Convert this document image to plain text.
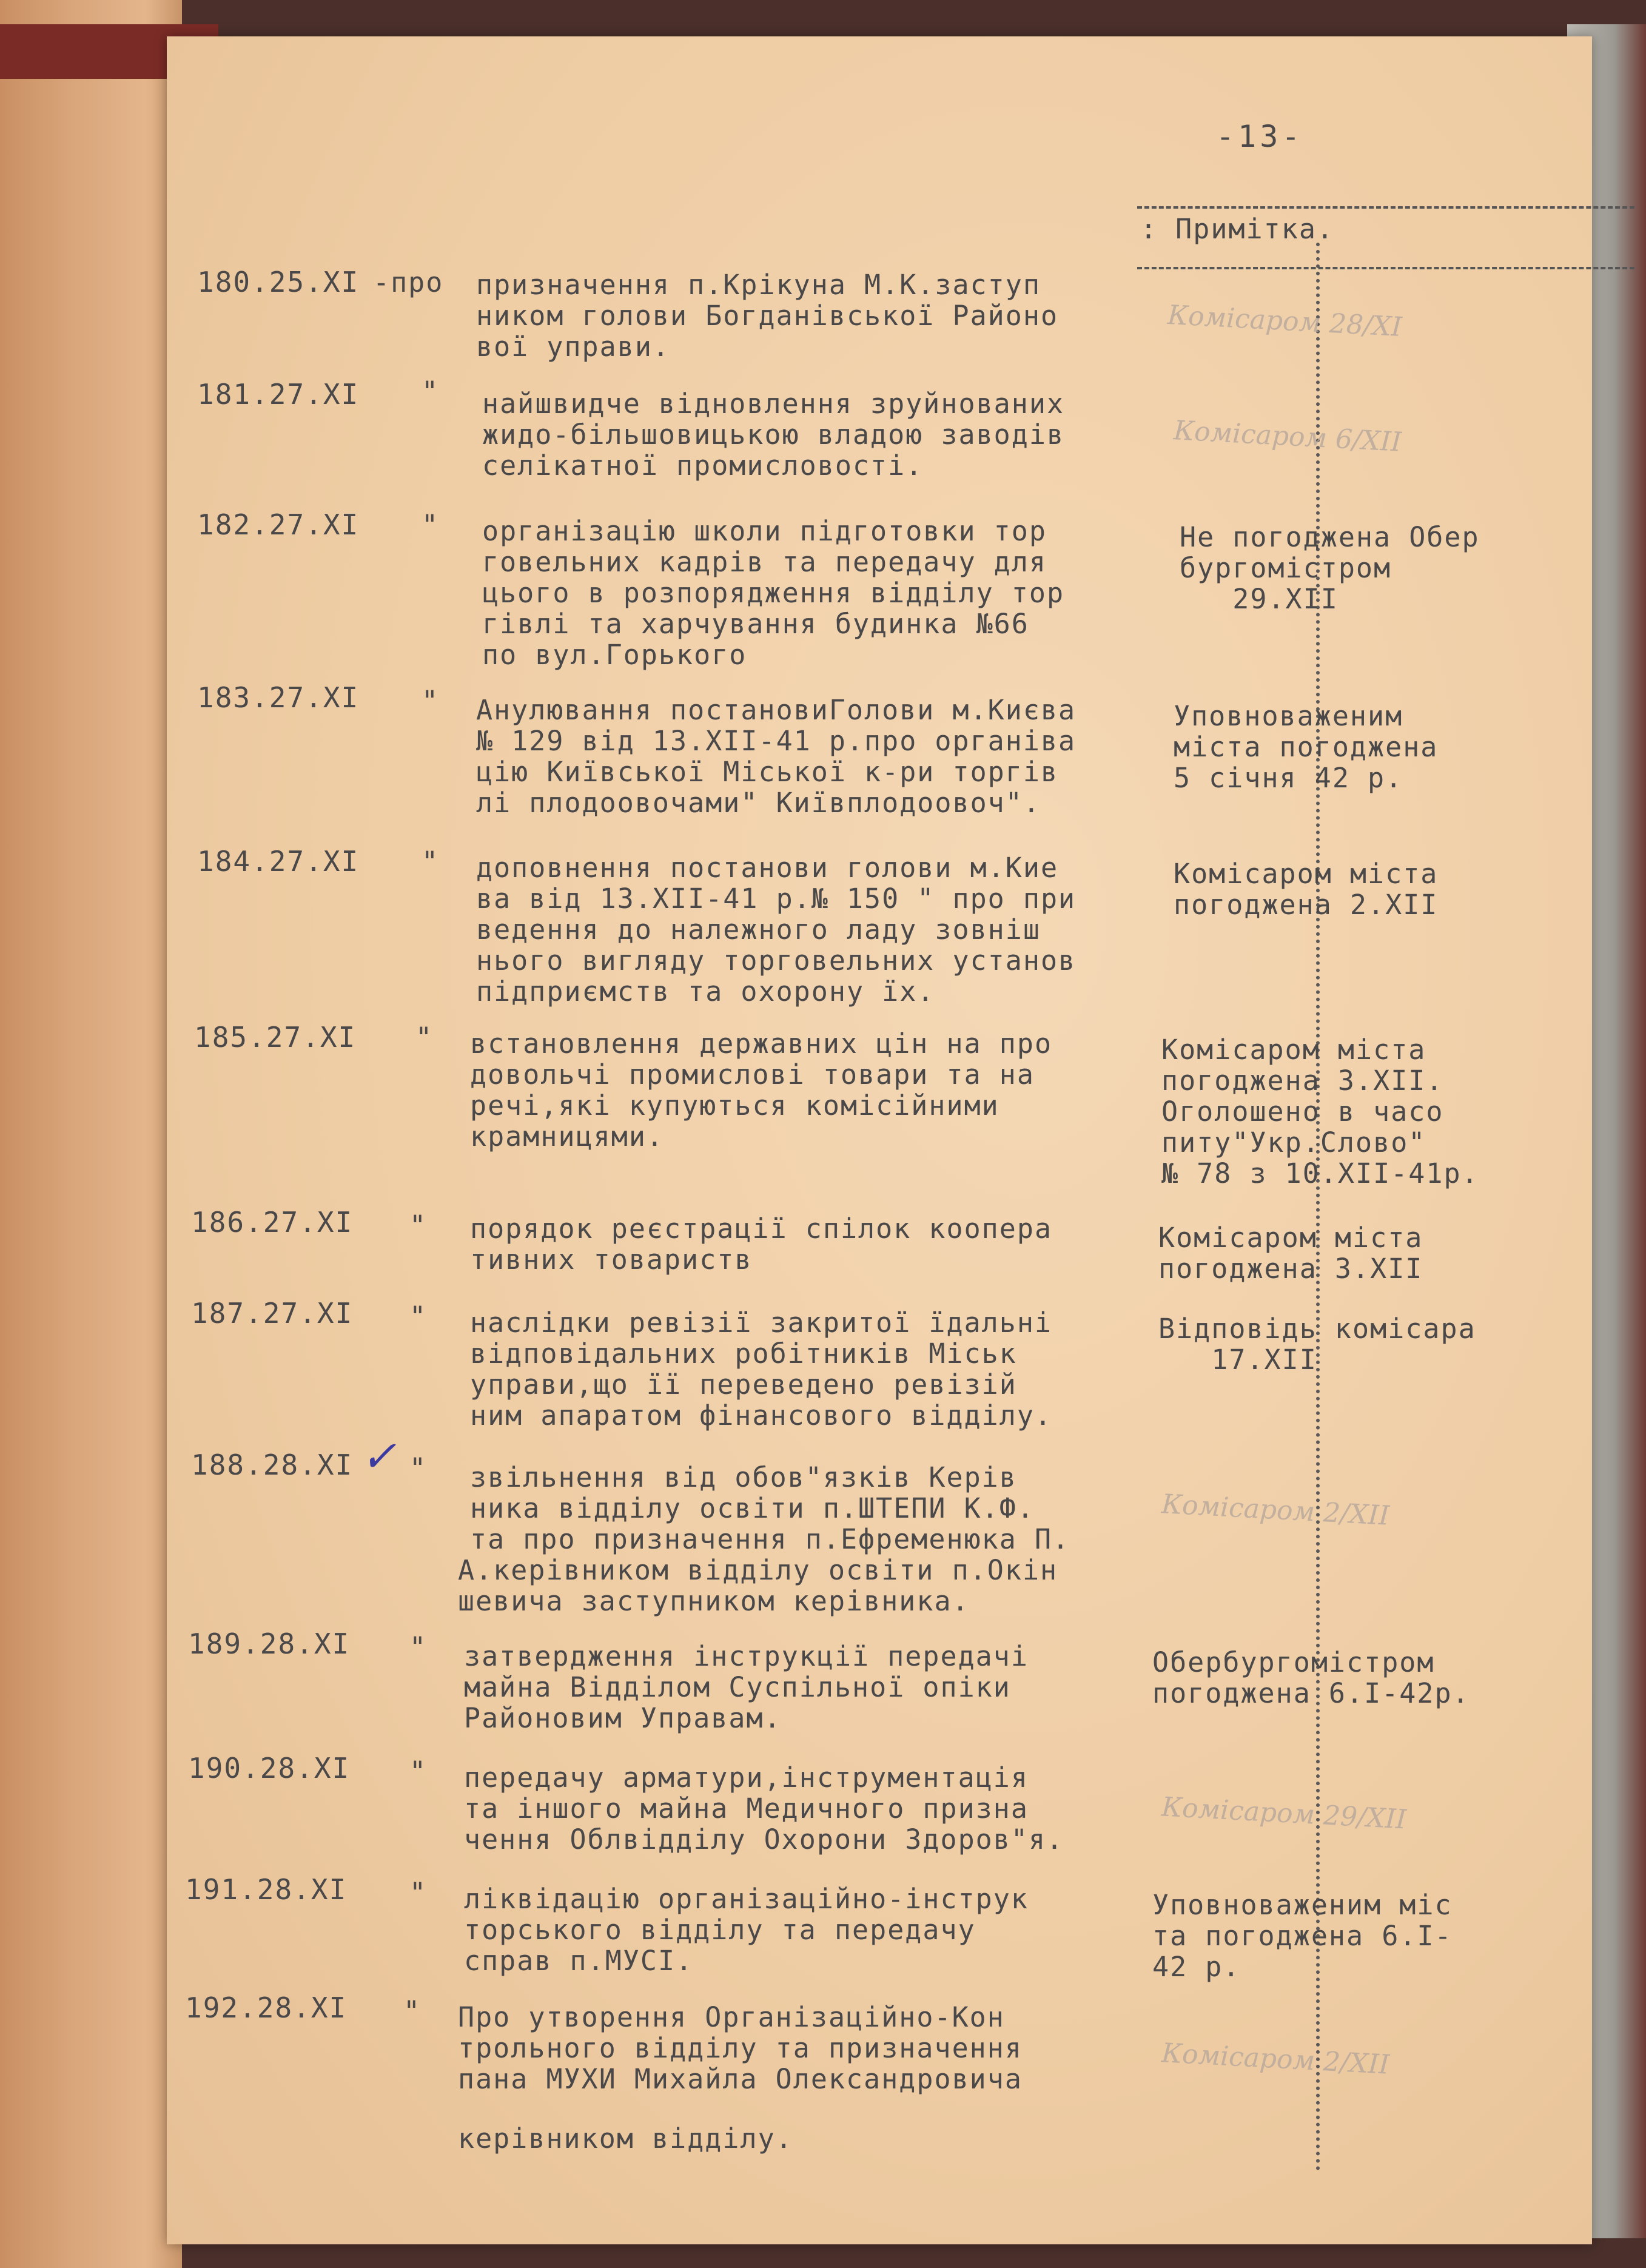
-13-

: Примітка.

180.25.XI -про призначення п.Крікуна М.К.заступ

ником голови Богданівської Районо

вої управи.

Комісаром 28/XI

181.27.XI " найшвидче відновлення зруйнованих

жидо-більшовицькою владою заводів

селікатної промисловості.

Комісаром 6/XII

182.27.XI " організацію школи підготовки тор

говельних кадрів та передачу для

цього в розпорядження відділу тор

гівлі та харчування будинка №66

по вул.Горького

Не погоджена Обер

бургомістром

29.XII

183.27.XI " Анулювання постановиГолови м.Києва

№ 129 від 13.XII-41 р.про органіва

цію Київської Міської к-ри торгів

лі плодоовочами" Київплодоовоч".

Уповноваженим

міста погоджена

5 січня 42 р.

184.27.XI " доповнення постанови голови м.Кие

ва від 13.XII-41 р.№ 150 " про при

ведення до належного ладу зовніш

нього вигляду торговельних установ

підприємств та охорону їх.

Комісаром міста

погоджена 2.XII

185.27.XI " встановлення державних цін на про

довольчі промислові товари та на

речі,які купуються комісійними

крамницями.

Комісаром міста

погоджена 3.XII.

Оголошено в часо

питу"Укр.Слово"

№ 78 з 10.XII-41р.

186.27.XI " порядок реєстрації спілок коопера

тивних товариств

Комісаром міста

погоджена 3.XII

187.27.XI " наслідки ревізії закритої їдальні

відповідальних робітників Міськ

управи,що її переведено ревізій

ним апаратом фінансового відділу.

Відповідь комісара

17.XII

188.28.XI ✓ " звільнення від обов"язків Керів

ника відділу освіти п.ШТЕПИ К.Ф.

та про призначення п.Ефременюка П.

А.керівником відділу освіти п.Окін

шевича заступником керівника.

Комісаром 2/XII

189.28.XI " затвердження інструкції передачі

майна Відділом Суспільної опіки

Районовим Управам.

Обербургомістром

погоджена 6.I-42р.

190.28.XI " передачу арматури,інструментація

та іншого майна Медичного призна

чення Облвідділу Охорони Здоров"я.

Комісаром 29/XII

191.28.XI " ліквідацію організаційно-інструк

торського відділу та передачу

справ п.МУСІ.

Уповноваженим міс

та погоджена 6.I-

42 р.

192.28.XI " Про утворення Організаційно-Кон

трольного відділу та призначення

пана МУХИ Михайла Олександровича

керівником відділу.

Комісаром 2/XII
